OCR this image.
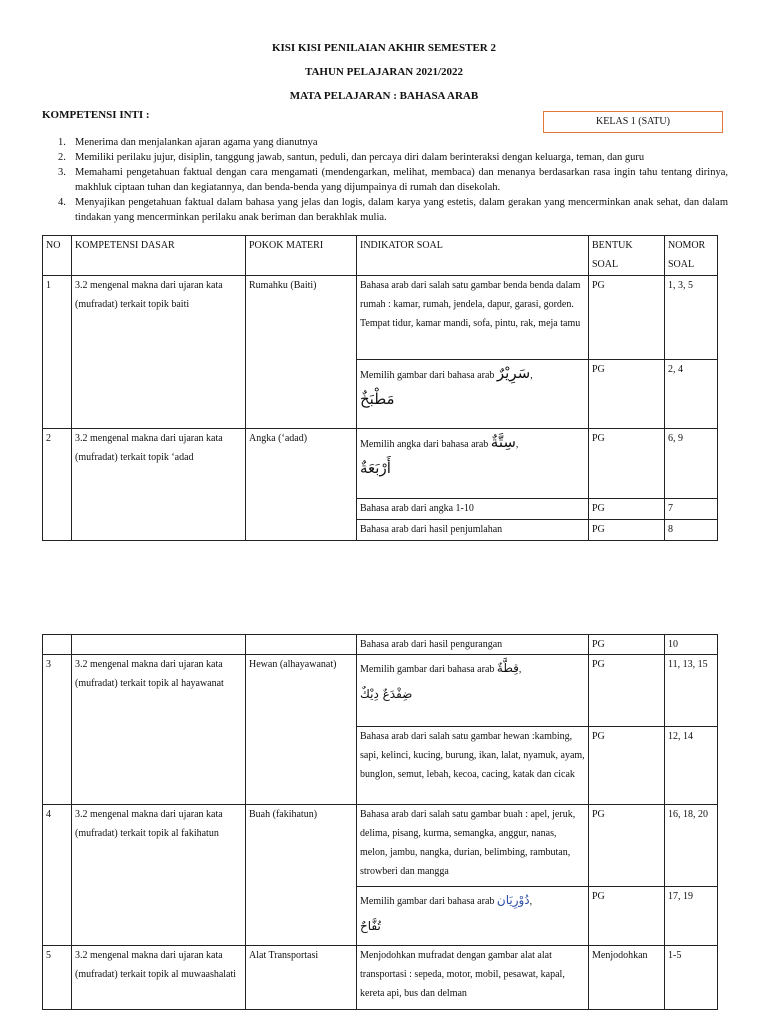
KISI KISI PENILAIAN AKHIR SEMESTER 2
TAHUN PELAJARAN 2021/2022
MATA PELAJARAN : BAHASA ARAB
KOMPETENSI INTI :
KELAS 1 (SATU)
1. Menerima dan menjalankan ajaran agama yang dianutnya
2. Memiliki perilaku jujur, disiplin, tanggung jawab, santun, peduli, dan percaya diri dalam berinteraksi dengan keluarga, teman, dan guru
3. Memahami pengetahuan faktual dengan cara mengamati (mendengarkan, melihat, membaca) dan menanya berdasarkan rasa ingin tahu tentang dirinya, makhluk ciptaan tuhan dan kegiatannya, dan benda-benda yang dijumpainya di rumah dan disekolah.
4. Menyajikan pengetahuan faktual dalam bahasa yang jelas dan logis, dalam karya yang estetis, dalam gerakan yang mencerminkan anak sehat, dan dalam tindakan yang mencerminkan perilaku anak beriman dan berakhlak mulia.
NO	KOMPETENSI DASAR	POKOK MATERI	INDIKATOR SOAL	BENTUK SOAL	NOMOR SOAL
1	3.2 mengenal makna dari ujaran kata (mufradat) terkait topik baiti	Rumahku (Baiti)	Bahasa arab dari salah satu gambar benda benda dalam rumah : kamar, rumah, jendela, dapur, garasi, gorden. Tempat tidur, kamar mandi, sofa, pintu, rak, meja tamu	PG	1, 3, 5
			Memilih gambar dari bahasa arab سَرِيْرٌ,
مَطْبَخٌ	PG	2, 4
2	3.2 mengenal makna dari ujaran kata (mufradat) terkait topik ‘adad	Angka (‘adad)	Memilih angka dari bahasa arab سِتَّةٌ,
أَرْبَعَةٌ	PG	6, 9
			Bahasa arab dari angka 1-10	PG	7
			Bahasa arab dari hasil penjumlahan	PG	8
			Bahasa arab dari hasil pengurangan	PG	10
3	3.2 mengenal makna dari ujaran kata (mufradat) terkait topik al hayawanat	Hewan (alhayawanat)	Memilih gambar dari bahasa arab قِطَّةٌ,
ضِفْدَعٌ دِيْكٌ	PG	11, 13, 15
			Bahasa arab dari salah satu gambar hewan :kambing, sapi, kelinci, kucing, burung, ikan, lalat, nyamuk, ayam, bunglon, semut, lebah, kecoa, cacing, katak dan cicak	PG	12, 14
4	3.2 mengenal makna dari ujaran kata (mufradat) terkait topik al fakihatun	Buah (fakihatun)	Bahasa arab dari salah satu gambar buah : apel, jeruk, delima, pisang, kurma, semangka, anggur, nanas, melon, jambu, nangka, durian, belimbing, rambutan, strowberi dan mangga	PG	16, 18, 20
			Memilih gambar dari bahasa arab دُوْرِيَان,
تُفَّاحٌ	PG	17, 19
5	3.2 mengenal makna dari ujaran kata (mufradat) terkait topik al muwaashalati	Alat Transportasi	Menjodohkan mufradat dengan gambar alat alat transportasi : sepeda, motor, mobil, pesawat, kapal, kereta api, bus dan delman	Menjodohkan	1-5
